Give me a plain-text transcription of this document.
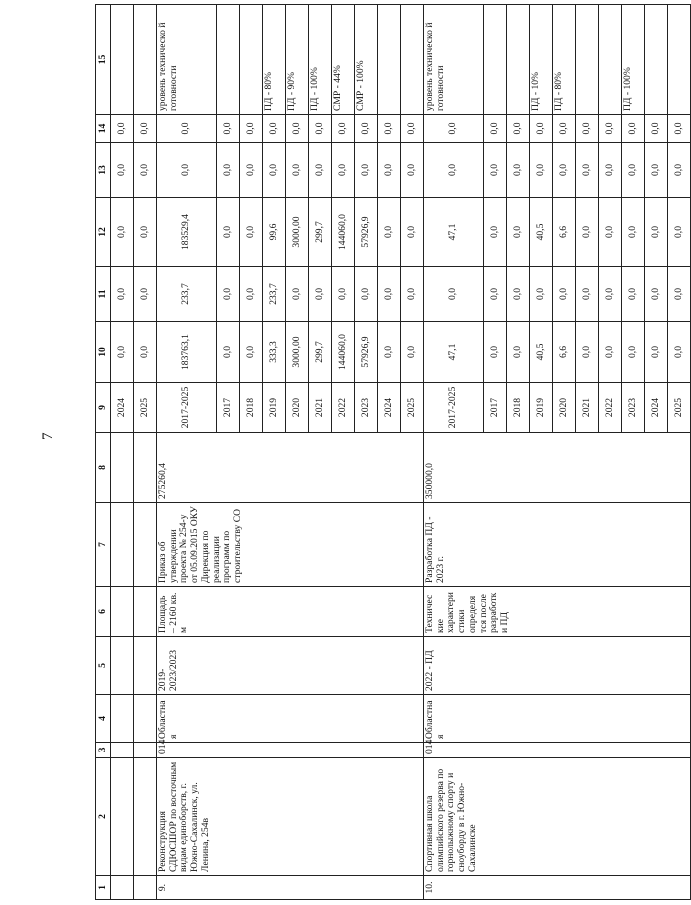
7
1	2	3	4	5	6	7	8	9	10	11	12	13	14	15
								2024	0,0	0,0	0,0	0,0	0,0	
								2025	0,0	0,0	0,0	0,0	0,0	
9.	Реконструкция СДЮСШОР по восточным видам единоборств, г. Южно-Сахалинск, ул. Ленина, 254в	014	Областна я	2019-2023/2023	Площадь – 2160 кв. м	Приказ об утверждении проекта № 254-у от 05.09.2015 ОКУ Дирекция по реализации программ по строительству СО	275260,4	2017-2025	183763,1	233,7	183529,4	0,0	0,0	уровень техническо й готовности
								2017	0,0	0,0	0,0	0,0	0,0	
								2018	0,0	0,0	0,0	0,0	0,0	
								2019	333,3	233,7	99,6	0,0	0,0	ПД - 80%
								2020	3000,00	0,0	3000,00	0,0	0,0	ПД - 90%
								2021	299,7	0,0	299,7	0,0	0,0	ПД - 100%
								2022	144060,0	0,0	144060,0	0,0	0,0	СМР - 44%
								2023	57926,9	0,0	57926,9	0,0	0,0	СМР - 100%
								2024	0,0	0,0	0,0	0,0	0,0	
								2025	0,0	0,0	0,0	0,0	0,0	
10.	Спортивная школа олимпийского резерва по горнолыжному спорту и сноуборду в г. Южно-Сахалинске	014	Областна я	2022 - ПД	Техничес кие характери стики определя тся после разработк и ПД	Разработка ПД - 2023 г.	350000,0	2017-2025	47,1	0,0	47,1	0,0	0,0	уровень техническо й готовности
								2017	0,0	0,0	0,0	0,0	0,0	
								2018	0,0	0,0	0,0	0,0	0,0	
								2019	40,5	0,0	40,5	0,0	0,0	ПД - 10%
								2020	6,6	0,0	6,6	0,0	0,0	ПД - 80%
								2021	0,0	0,0	0,0	0,0	0,0	
								2022	0,0	0,0	0,0	0,0	0,0	
								2023	0,0	0,0	0,0	0,0	0,0	ПД - 100%
								2024	0,0	0,0	0,0	0,0	0,0	
								2025	0,0	0,0	0,0	0,0	0,0	
